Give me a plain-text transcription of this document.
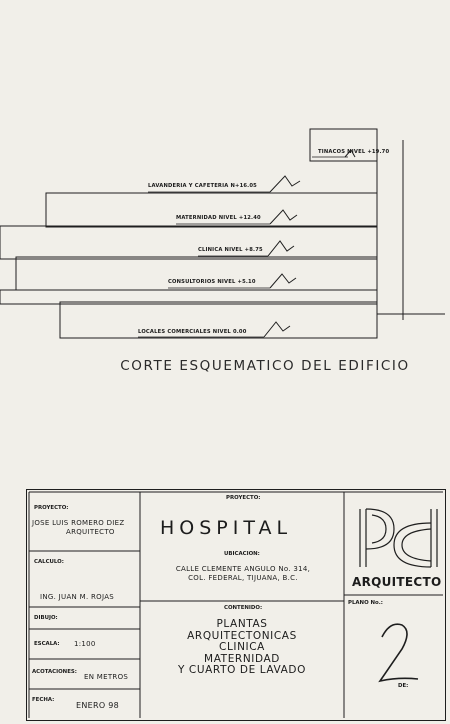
TINACOS NIVEL +19.70
LAVANDERIA Y CAFETERIA N+16.05
MATERNIDAD NIVEL +12.40
CLINICA NIVEL +8.75
CONSULTORIOS NIVEL +5.10
LOCALES COMERCIALES NIVEL 0.00
CORTE ESQUEMATICO DEL EDIFICIO
PROYECTO:
JOSE LUIS ROMERO DIEZ
ARQUITECTO
CALCULO:
ING. JUAN M. ROJAS
DIBUJO:
ESCALA: 1:100
ACOTACIONES:
EN METROS
FECHA:
ENERO 98
PROYECTO:
HOSPITAL
UBICACION:
CALLE CLEMENTE ANGULO No. 314,
COL. FEDERAL, TIJUANA, B.C.
CONTENIDO:
PLANTAS
ARQUITECTONICAS
CLINICA
MATERNIDAD
Y CUARTO DE LAVADO
ARQUITECTO
PLANO No.:
DE:
